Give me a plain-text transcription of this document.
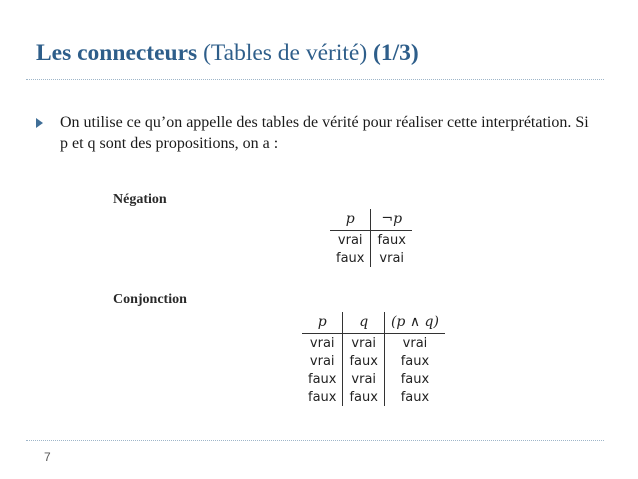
Les connecteurs (Tables de vérité) (1/3)
On utilise ce qu’on appelle des tables de vérité pour réaliser cette interprétation. Si p et q sont des propositions, on a :
Négation
p	¬p
vrai	faux
faux	vrai
Conjonction
p	q	(p ∧ q)
vrai	vrai	vrai
vrai	faux	faux
faux	vrai	faux
faux	faux	faux
7
